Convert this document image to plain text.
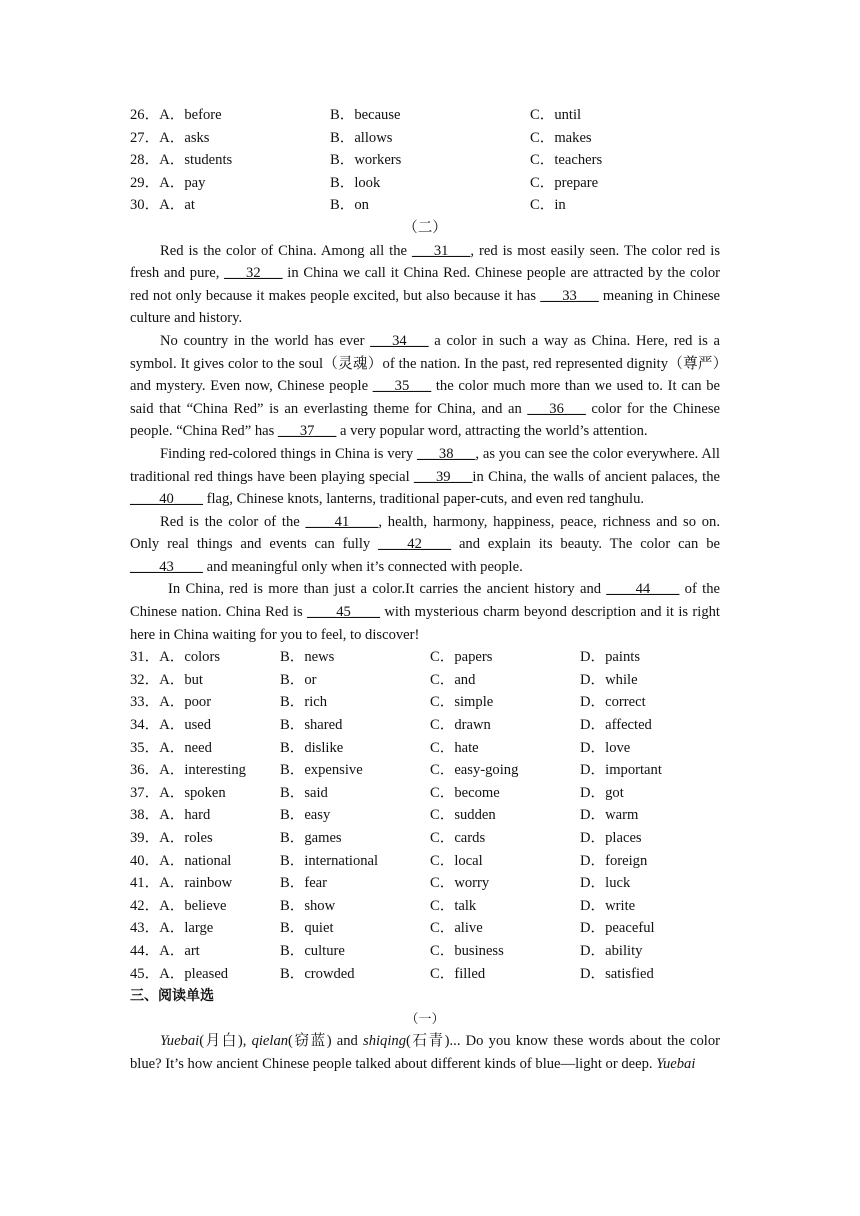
26．A．before	B．because	C．until
27．A．asks	B．allows	C．makes
28．A．students	B．workers	C．teachers
29．A．pay	B．look	C．prepare
30．A．at	B．on	C．in
（二）
Red is the color of China. Among all the ___31___, red is most easily seen. The color red is fresh and pure, ___32___ in China we call it China Red. Chinese people are attracted by the color red not only because it makes people excited, but also because it has ___33___ meaning in Chinese culture and history.
No country in the world has ever ___34___ a color in such a way as China. Here, red is a symbol. It gives color to the soul（灵魂）of the nation. In the past, red represented dignity（尊严）and mystery. Even now, Chinese people ___35___ the color much more than we used to. It can be said that “China Red” is an everlasting theme for China, and an ___36___ color for the Chinese people. “China Red” has ___37___ a very popular word, attracting the world’s attention.
Finding red-colored things in China is very ___38___, as you can see the color everywhere. All traditional red things have been playing special ___39___in China, the walls of ancient palaces, the ____40____ flag, Chinese knots, lanterns, traditional paper-cuts, and even red tanghulu.
Red is the color of the ____41____, health, harmony, happiness, peace, richness and so on. Only real things and events can fully ____42____ and explain its beauty. The color can be ____43____ and meaningful only when it’s connected with people.
In China, red is more than just a color.It carries the ancient history and ____44____ of the Chinese nation. China Red is ____45____ with mysterious charm beyond description and it is right here in China waiting for you to feel, to discover!
31．A．colors	B．news	C．papers	D．paints
32．A．but	B．or	C．and	D．while
33．A．poor	B．rich	C．simple	D．correct
34．A．used	B．shared	C．drawn	D．affected
35．A．need	B．dislike	C．hate	D．love
36．A．interesting B．expensive	C．easy-going	D．important
37．A．spoken	B．said	C．become	D．got
38．A．hard	B．easy	C．sudden	D．warm
39．A．roles	B．games	C．cards	D．places
40．A．national	B．international	C．local	D．foreign
41．A．rainbow	B．fear	C．worry	D．luck
42．A．believe	B．show	C．talk	D．write
43．A．large	B．quiet	C．alive	D．peaceful
44．A．art	B．culture	C．business	D．ability
45．A．pleased	B．crowded	C．filled	D．satisfied
三、阅读单选
（一）
Yuebai(月白), qielan(窃蓝) and shiqing(石青)... Do you know these words about the color blue? It’s how ancient Chinese people talked about different kinds of blue—light or deep. Yuebai
